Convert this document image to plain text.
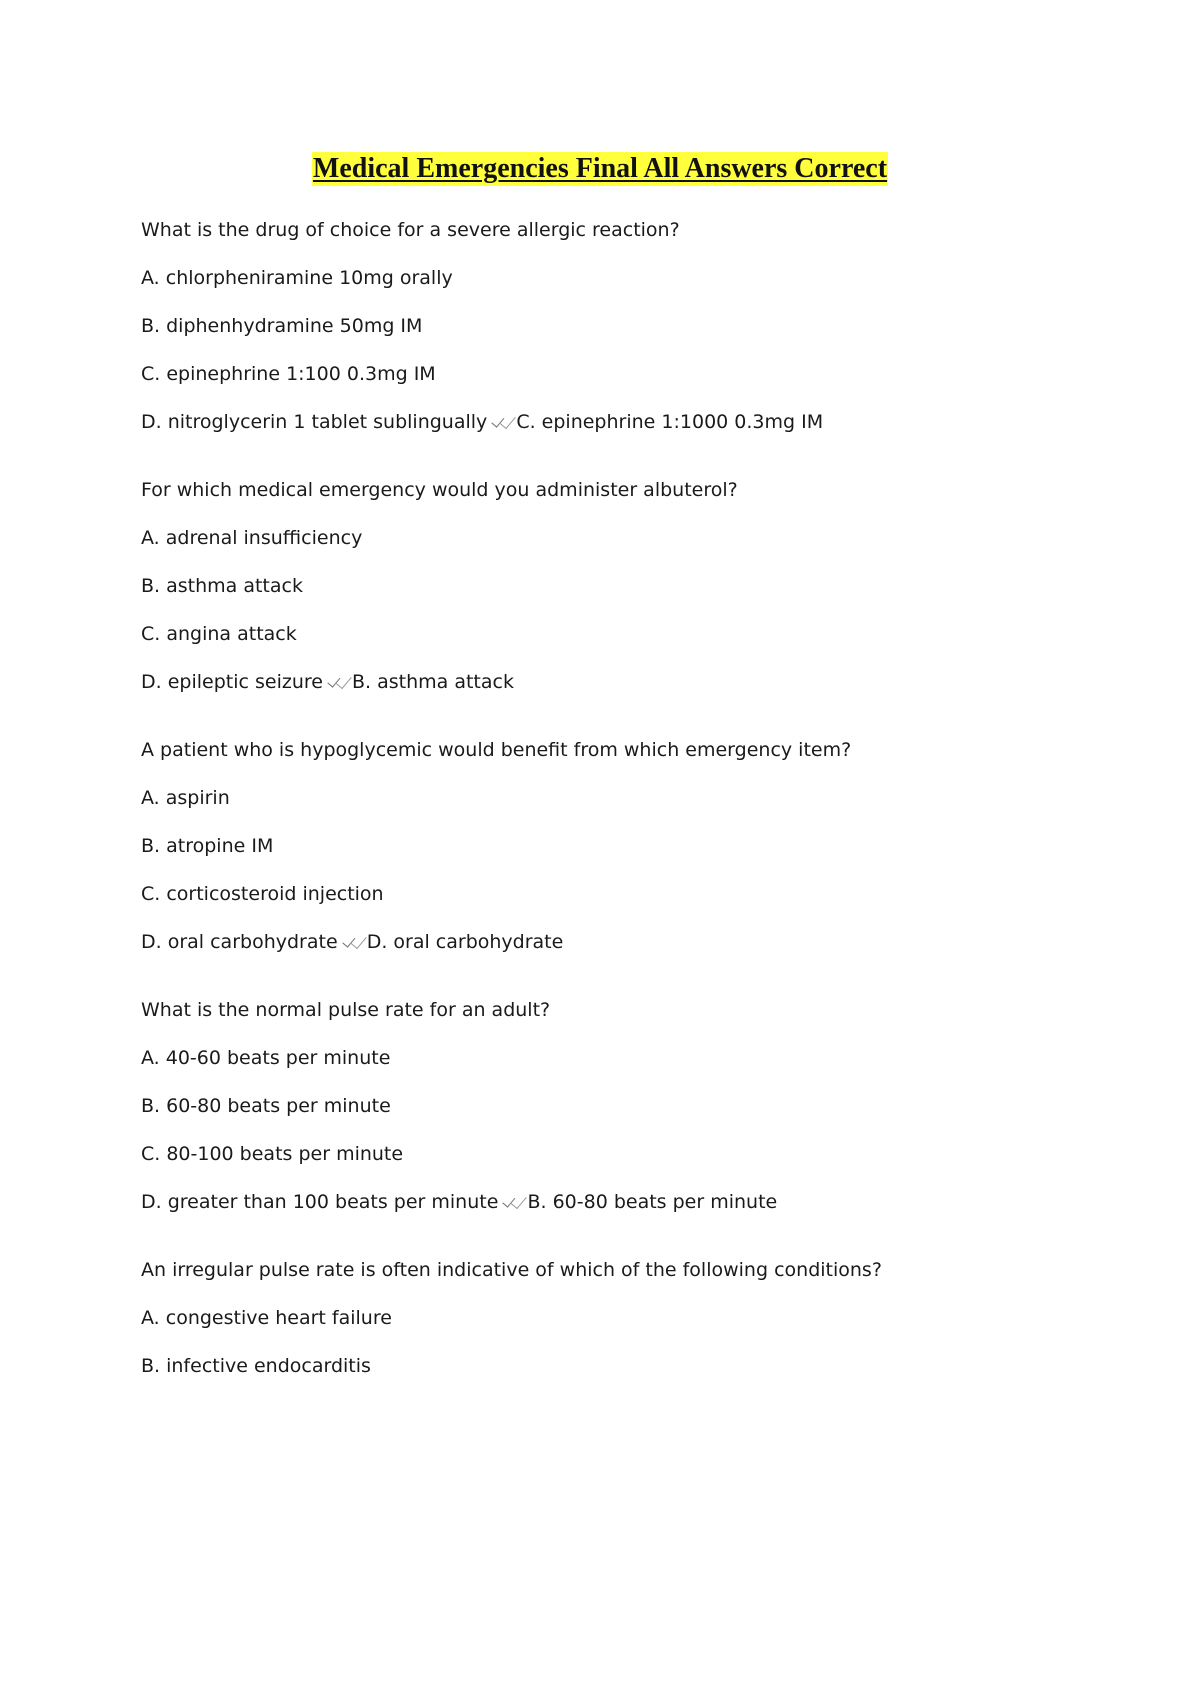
Medical Emergencies Final All Answers Correct
What is the drug of choice for a severe allergic reaction?
A. chlorpheniramine 10mg orally
B. diphenhydramine 50mg IM
C. epinephrine 1:100 0.3mg IM
D. nitroglycerin 1 tablet sublingually C. epinephrine 1:1000 0.3mg IM
For which medical emergency would you administer albuterol?
A. adrenal insufficiency
B. asthma attack
C. angina attack
D. epileptic seizure B. asthma attack
A patient who is hypoglycemic would benefit from which emergency item?
A. aspirin
B. atropine IM
C. corticosteroid injection
D. oral carbohydrate D. oral carbohydrate
What is the normal pulse rate for an adult?
A. 40-60 beats per minute
B. 60-80 beats per minute
C. 80-100 beats per minute
D. greater than 100 beats per minute B. 60-80 beats per minute
An irregular pulse rate is often indicative of which of the following conditions?
A. congestive heart failure
B. infective endocarditis
